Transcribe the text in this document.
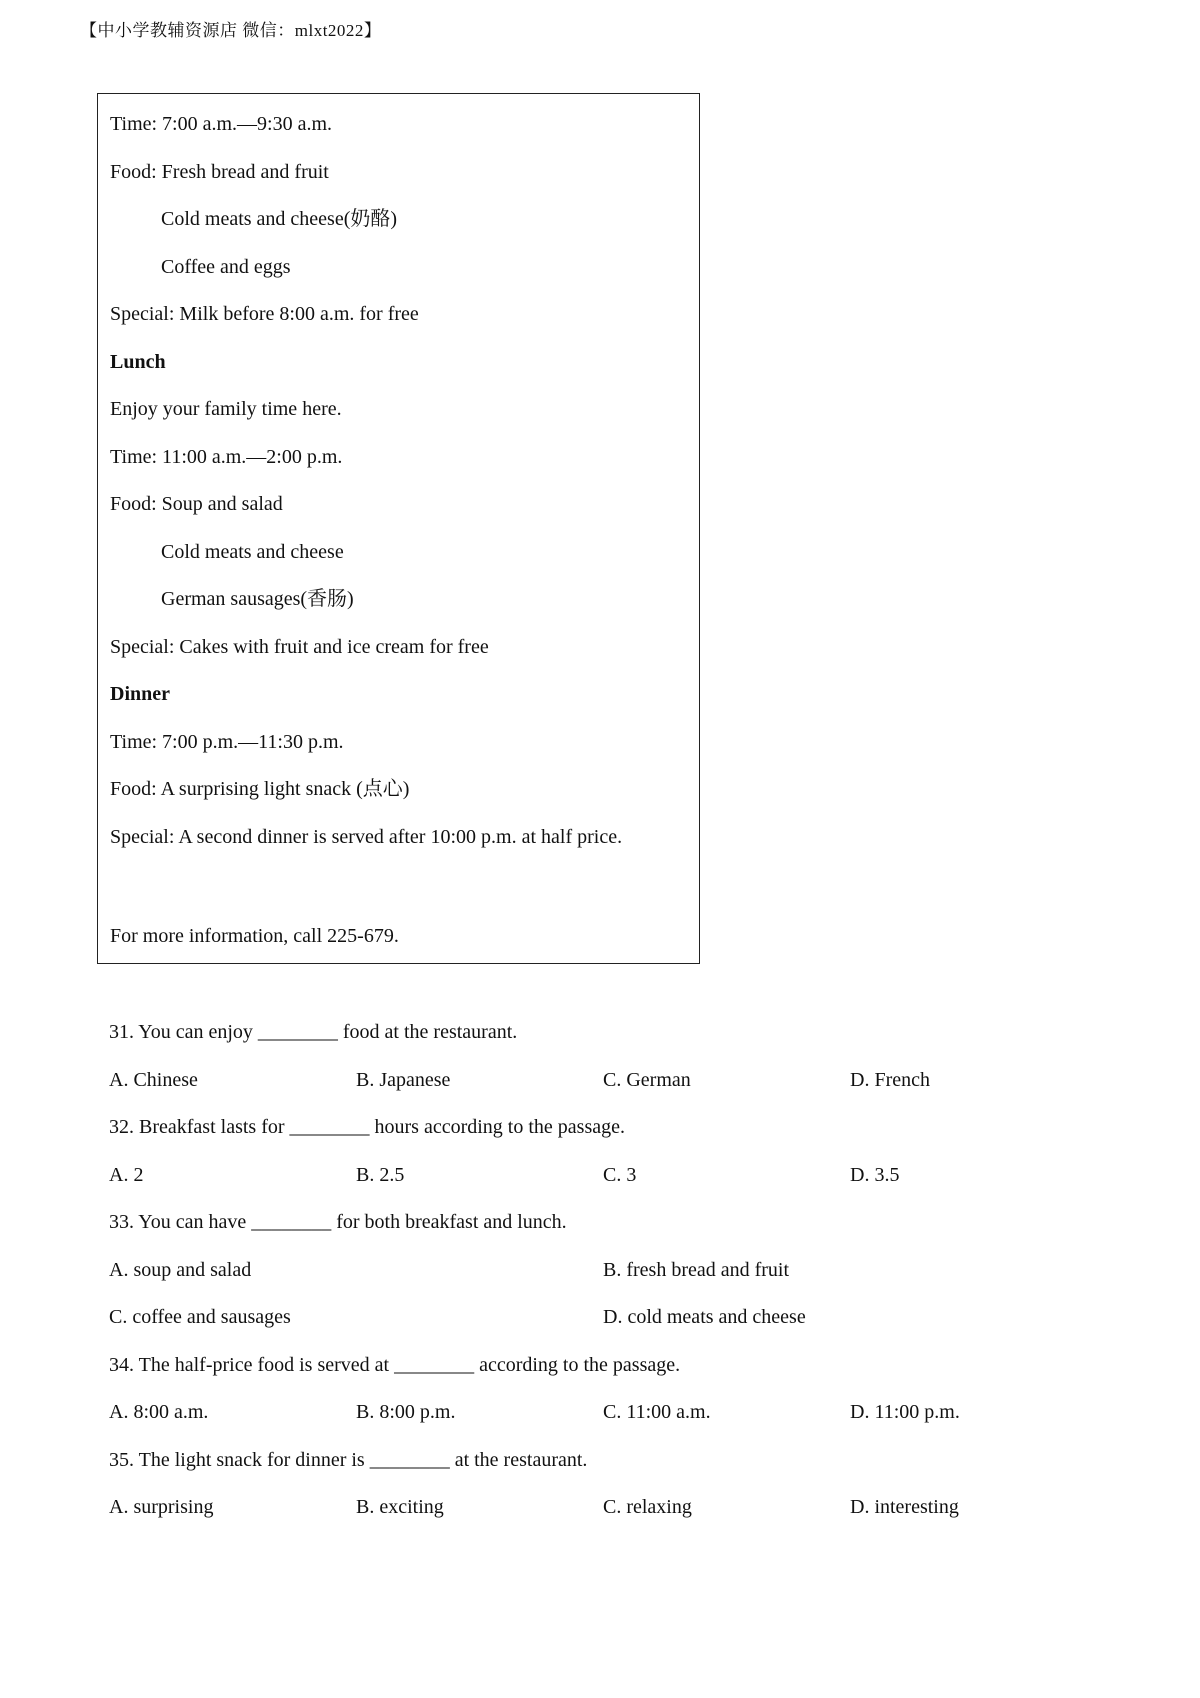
【中小学教辅资源店 微信：mlxt2022】
Time: 7:00 a.m.—9:30 a.m.
Food: Fresh bread and fruit
Cold meats and cheese(奶酪)
Coffee and eggs
Special: Milk before 8:00 a.m. for free
Lunch
Enjoy your family time here.
Time: 11:00 a.m.—2:00 p.m.
Food: Soup and salad
Cold meats and cheese
German sausages(香肠)
Special: Cakes with fruit and ice cream for free
Dinner
Time: 7:00 p.m.—11:30 p.m.
Food: A surprising light snack (点心)
Special: A second dinner is served after 10:00 p.m. at half price.
For more information, call 225-679.
31. You can enjoy ________ food at the restaurant.
A. Chinese	B. Japanese	C. German	D. French
32. Breakfast lasts for ________ hours according to the passage.
A. 2	B. 2.5	C. 3	D. 3.5
33. You can have ________ for both breakfast and lunch.
A. soup and salad	B. fresh bread and fruit
C. coffee and sausages	D. cold meats and cheese
34. The half-price food is served at ________ according to the passage.
A. 8:00 a.m.	B. 8:00 p.m.	C. 11:00 a.m.	D. 11:00 p.m.
35. The light snack for dinner is ________ at the restaurant.
A. surprising	B. exciting	C. relaxing	D. interesting
